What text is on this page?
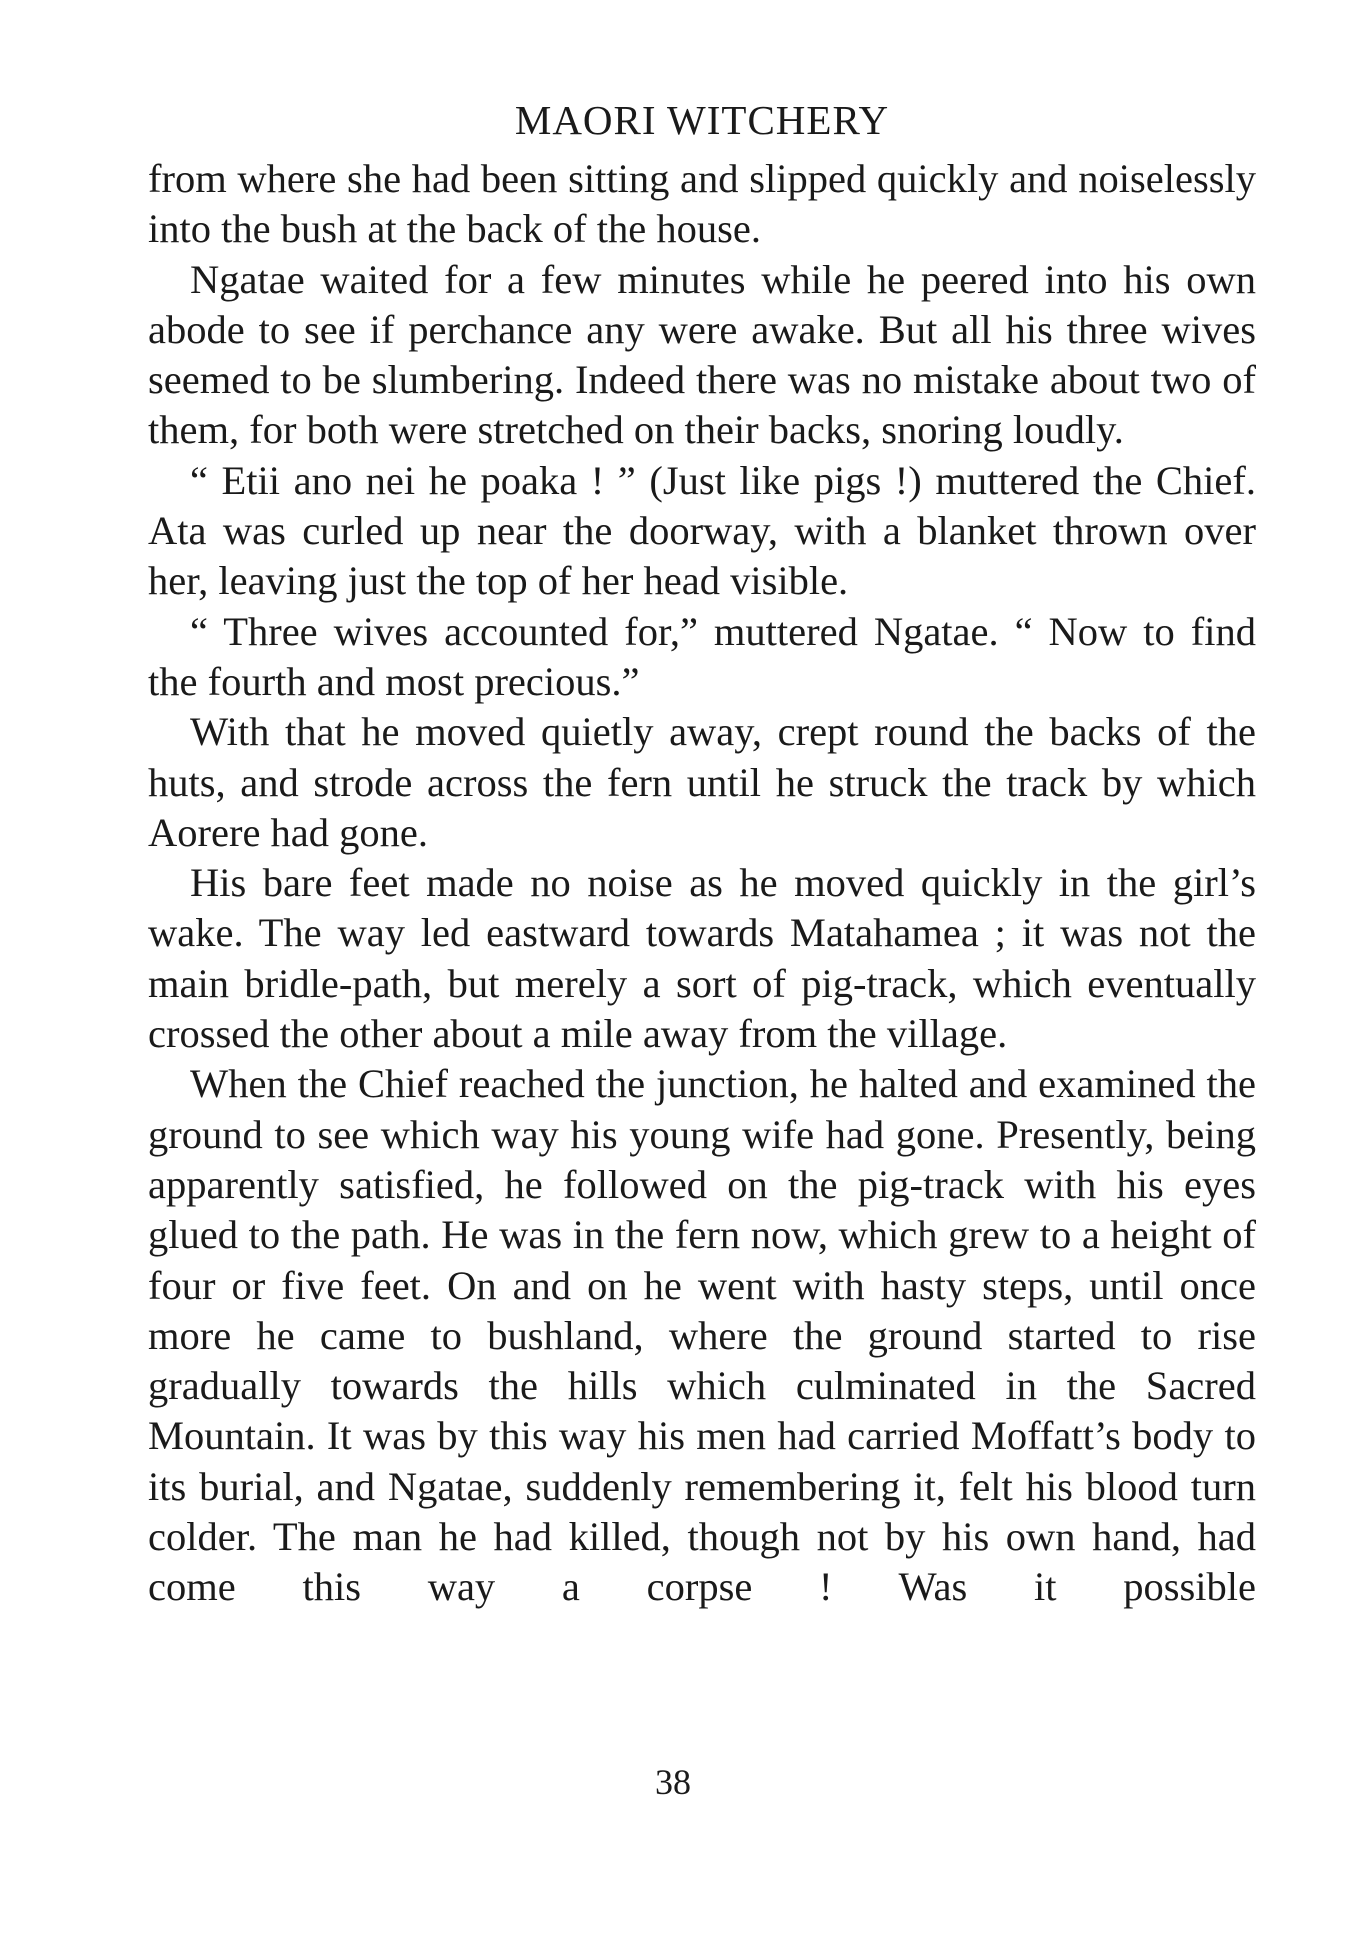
MAORI WITCHERY

from where she had been sitting and slipped quickly and noiselessly into the bush at the back of the house.

Ngatae waited for a few minutes while he peered into his own abode to see if perchance any were awake. But all his three wives seemed to be slumbering. Indeed there was no mistake about two of them, for both were stretched on their backs, snoring loudly.

“ Etii ano nei he poaka ! ” (Just like pigs !) muttered the Chief. Ata was curled up near the doorway, with a blanket thrown over her, leaving just the top of her head visible.

“ Three wives accounted for,” muttered Ngatae. “ Now to find the fourth and most precious.”

With that he moved quietly away, crept round the backs of the huts, and strode across the fern until he struck the track by which Aorere had gone.

His bare feet made no noise as he moved quickly in the girl’s wake. The way led eastward towards Matahamea ; it was not the main bridle-path, but merely a sort of pig-track, which eventually crossed the other about a mile away from the village.

When the Chief reached the junction, he halted and examined the ground to see which way his young wife had gone. Presently, being apparently satisfied, he followed on the pig-track with his eyes glued to the path. He was in the fern now, which grew to a height of four or five feet. On and on he went with hasty steps, until once more he came to bushland, where the ground started to rise gradually towards the hills which culminated in the Sacred Mountain. It was by this way his men had carried Moffatt’s body to its burial, and Ngatae, suddenly remembering it, felt his blood turn colder. The man he had killed, though not by his own hand, had come this way a corpse ! Was it possible

38
